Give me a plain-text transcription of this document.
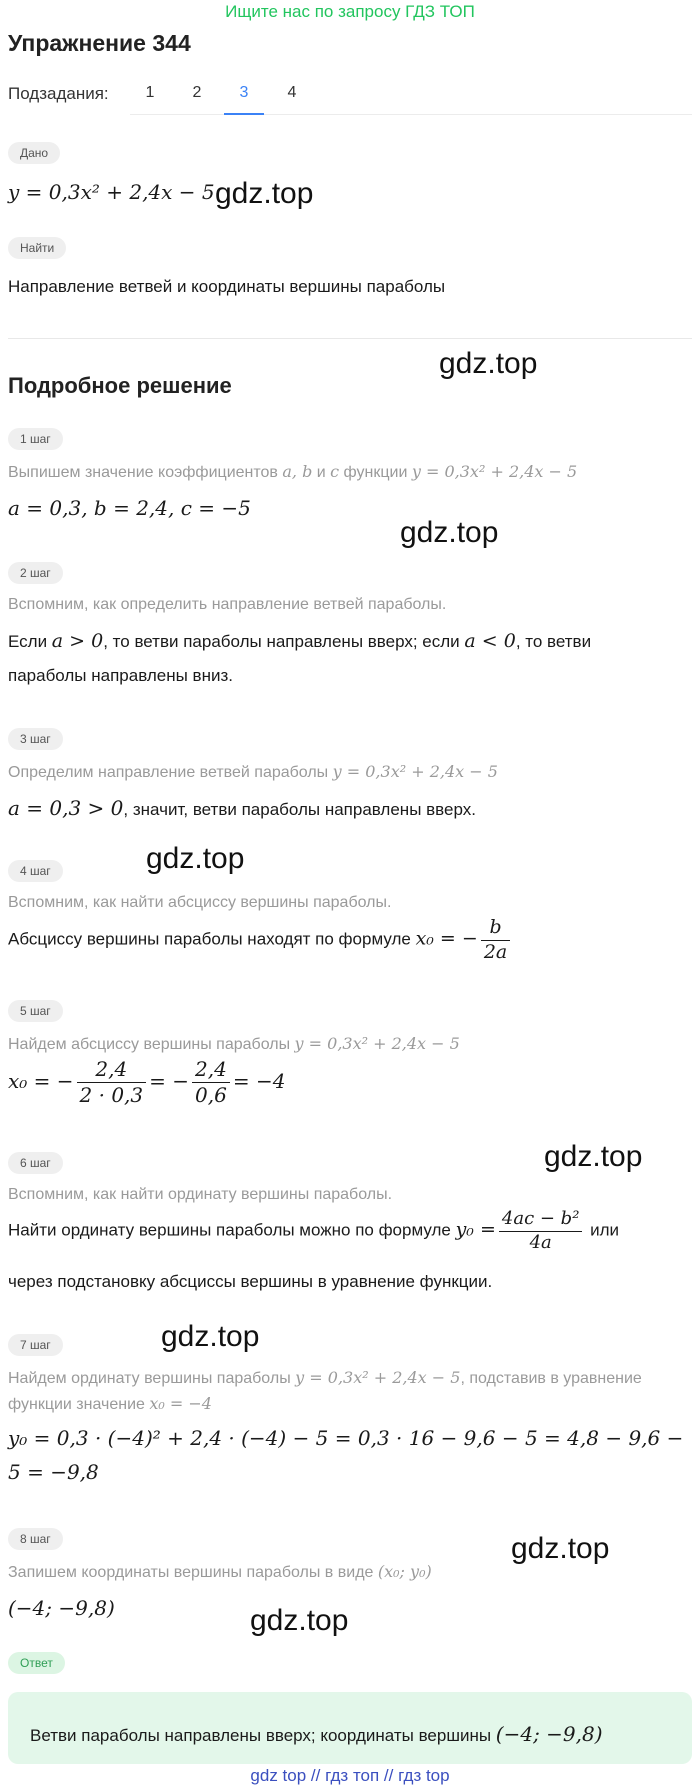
Ищите нас по запросу ГДЗ ТОП
Упражнение 344
Подзадания:	1	2	3	4
Дано
y = 0,3x² + 2,4x − 5
Найти
Направление ветвей и координаты вершины параболы
Подробное решение
1 шаг
Выпишем значение коэффициентов a, b и c функции y = 0,3x² + 2,4x − 5
a = 0,3, b = 2,4, c = −5
2 шаг
Вспомним, как определить направление ветвей параболы.
Если a > 0, то ветви параболы направлены вверх; если a < 0, то ветви
параболы направлены вниз.
3 шаг
Определим направление ветвей параболы y = 0,3x² + 2,4x − 5
a = 0,3 > 0, значит, ветви параболы направлены вверх.
4 шаг
Вспомним, как найти абсциссу вершины параболы.
Абсциссу вершины параболы находят по формуле x₀ = − $\frac{b}{2a}$
5 шаг
Найдем абсциссу вершины параболы y = 0,3x² + 2,4x − 5
x₀ = − $\frac{2,4}{2 \cdot 0,3}$ = − $\frac{2,4}{0,6} = -4$
6 шаг
Вспомним, как найти ординату вершины параболы.
Найти ординату вершины параболы можно по формуле $y_0 = \frac{\text{4ac − b²}}{4a}$ или
через подстановку абсциссы вершины в уравнение функции.
7 шаг
Найдем ординату вершины параболы y = 0,3x² + 2,4x − 5, подставив в уравнение
функции значение x₀ = −4
y₀ = 0,3 · (−4)² + 2,4 · (−4) − 5 = 0,3 · 16 − 9,6 − 5 = 4,8 − 9,6 −
5 = −9,8
8 шаг
Запишем координаты вершины параболы в виде (x₀; y₀)
(−4; −9,8)
Ответ
Ветви параболы направлены вверх; координаты вершины (−4; −9,8)
gdz.top
gdz.top
gdz.top
gdz.top
gdz.top
gdz.top
gdz.top
gdz.top
gdz top // гдз топ // гдз top
